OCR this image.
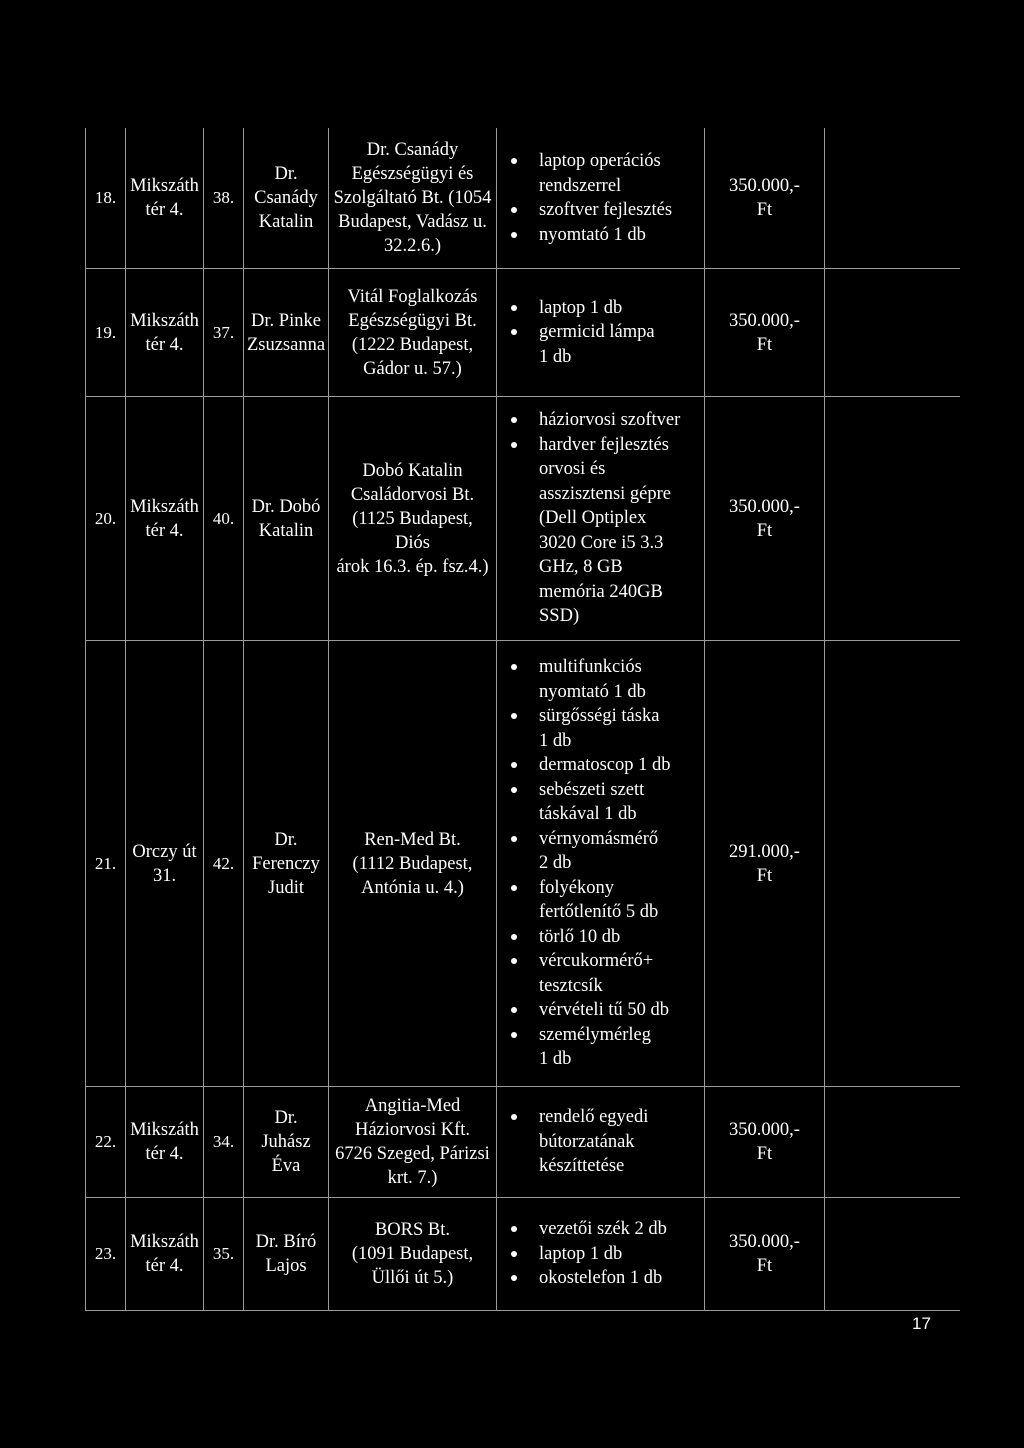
18.
Mikszáth
tér 4.
38.
Dr.
Csanády
Katalin
Dr. Csanády
Egészségügyi és
Szolgáltató Bt. (1054
Budapest, Vadász u.
32.2.6.)
laptop operációs
rendszerrel
szoftver fejlesztés
nyomtató 1 db
350.000,-
Ft
19.
Mikszáth
tér 4.
37.
Dr. Pinke
Zsuzsanna
Vitál Foglalkozás
Egészségügyi Bt.
(1222 Budapest,
Gádor u. 57.)
laptop 1 db
germicid lámpa
1 db
350.000,-
Ft
20.
Mikszáth
tér 4.
40.
Dr. Dobó
Katalin
Dobó Katalin
Családorvosi Bt.
(1125 Budapest, Diós
árok 16.3. ép. fsz.4.)
háziorvosi szoftver
hardver fejlesztés
orvosi és
asszisztensi gépre
(Dell Optiplex
3020 Core i5 3.3
GHz, 8 GB
memória 240GB
SSD)
350.000,-
Ft
21.
Orczy út
31.
42.
Dr.
Ferenczy
Judit
Ren-Med Bt.
(1112 Budapest,
Antónia u. 4.)
multifunkciós
nyomtató 1 db
sürgősségi táska
1 db
dermatoscop 1 db
sebészeti szett
táskával 1 db
vérnyomásmérő
2 db
folyékony
fertőtlenítő 5 db
törlő 10 db
vércukormérő+
tesztcsík
vérvételi tű 50 db
személymérleg
1 db
291.000,-
Ft
22.
Mikszáth
tér 4.
34.
Dr. Juhász
Éva
Angitia-Med
Háziorvosi Kft.
6726 Szeged, Párizsi
krt. 7.)
rendelő egyedi
bútorzatának
készíttetése
350.000,-
Ft
23.
Mikszáth
tér 4.
35.
Dr. Bíró
Lajos
BORS Bt.
(1091 Budapest,
Üllői út 5.)
vezetői szék 2 db
laptop 1 db
okostelefon 1 db
350.000,-
Ft
17
